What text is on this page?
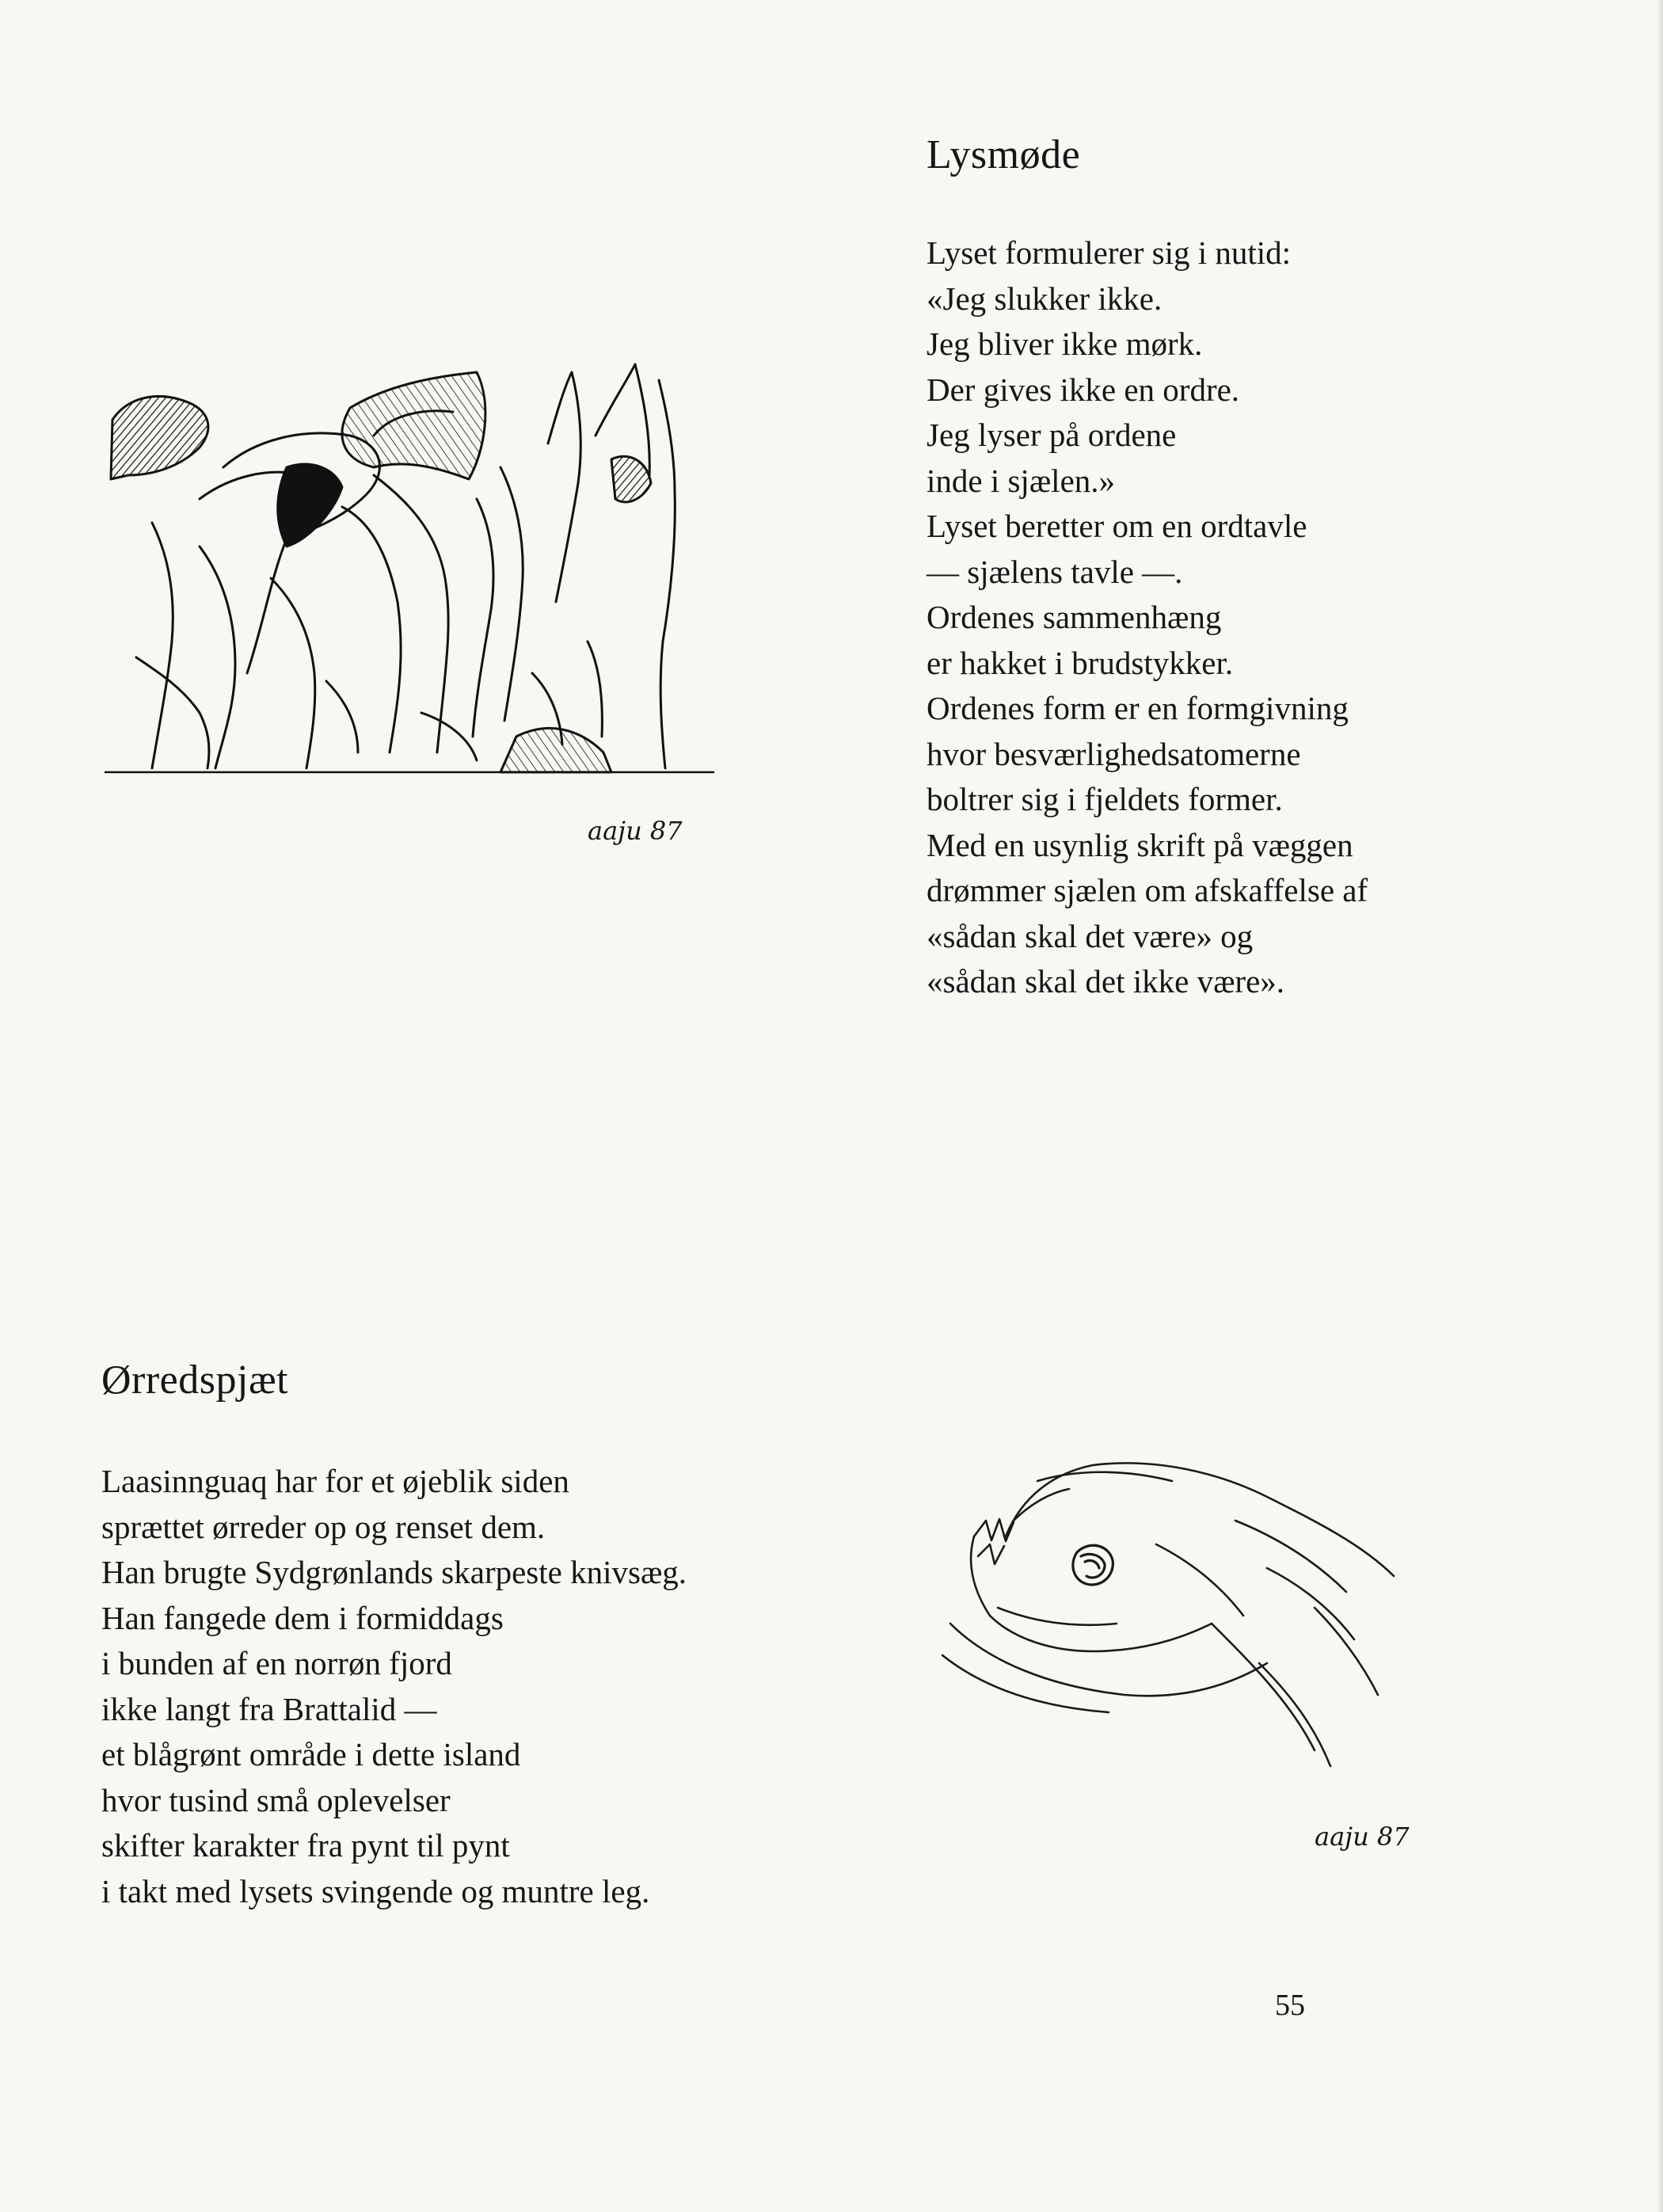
Lysmøde
Lyset formulerer sig i nutid:
«Jeg slukker ikke.
Jeg bliver ikke mørk.
Der gives ikke en ordre.
Jeg lyser på ordene
inde i sjælen.»
Lyset beretter om en ordtavle
— sjælens tavle —.
Ordenes sammenhæng
er hakket i brudstykker.
Ordenes form er en formgivning
hvor besværlighedsatomerne
boltrer sig i fjeldets former.
Med en usynlig skrift på væggen
drømmer sjælen om afskaffelse af
«sådan skal det være» og
«sådan skal det ikke være».
aaju 87
Ørredspjæt
Laasinnguaq har for et øjeblik siden
sprættet ørreder op og renset dem.
Han brugte Sydgrønlands skarpeste knivsæg.
Han fangede dem i formiddags
i bunden af en norrøn fjord
ikke langt fra Brattalid —
et blågrønt område i dette island
hvor tusind små oplevelser
skifter karakter fra pynt til pynt
i takt med lysets svingende og muntre leg.
aaju 87
55
